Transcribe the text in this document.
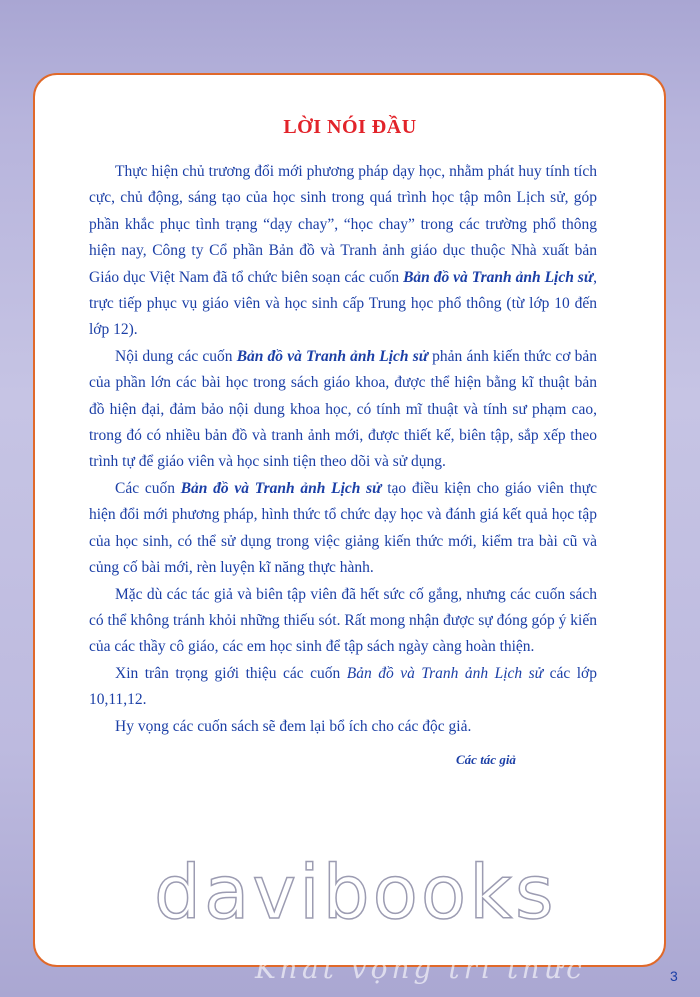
LỜI NÓI ĐẦU

Thực hiện chủ trương đổi mới phương pháp dạy học, nhằm phát huy tính tích cực, chủ động, sáng tạo của học sinh trong quá trình học tập môn Lịch sử, góp phần khắc phục tình trạng “dạy chay”, “học chay” trong các trường phổ thông hiện nay, Công ty Cổ phần Bản đồ và Tranh ảnh giáo dục thuộc Nhà xuất bản Giáo dục Việt Nam đã tổ chức biên soạn các cuốn Bản đồ và Tranh ảnh Lịch sử, trực tiếp phục vụ giáo viên và học sinh cấp Trung học phổ thông (từ lớp 10 đến lớp 12).

Nội dung các cuốn Bản đồ và Tranh ảnh Lịch sử phản ánh kiến thức cơ bản của phần lớn các bài học trong sách giáo khoa, được thể hiện bằng kĩ thuật bản đồ hiện đại, đảm bảo nội dung khoa học, có tính mĩ thuật và tính sư phạm cao, trong đó có nhiều bản đồ và tranh ảnh mới, được thiết kế, biên tập, sắp xếp theo trình tự để giáo viên và học sinh tiện theo dõi và sử dụng.

Các cuốn Bản đồ và Tranh ảnh Lịch sử tạo điều kiện cho giáo viên thực hiện đổi mới phương pháp, hình thức tổ chức dạy học và đánh giá kết quả học tập của học sinh, có thể sử dụng trong việc giảng kiến thức mới, kiểm tra bài cũ và củng cố bài mới, rèn luyện kĩ năng thực hành.

Mặc dù các tác giả và biên tập viên đã hết sức cố gắng, nhưng các cuốn sách có thể không tránh khỏi những thiếu sót. Rất mong nhận được sự đóng góp ý kiến của các thầy cô giáo, các em học sinh để tập sách ngày càng hoàn thiện.

Xin trân trọng giới thiệu các cuốn Bản đồ và Tranh ảnh Lịch sử các lớp 10,11,12.

Hy vọng các cuốn sách sẽ đem lại bổ ích cho các độc giả.

Các tác giả
davibooks
Khát vọng tri thức	3
